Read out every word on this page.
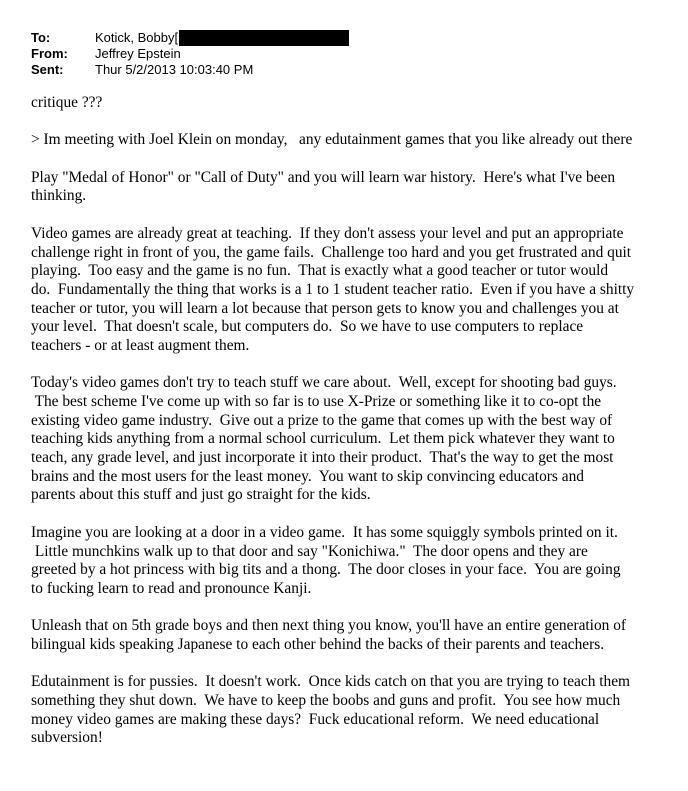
To:	Kotick, Bobby[
From:	Jeffrey Epstein
Sent:	Thur 5/2/2013 10:03:40 PM
critique ???
> Im meeting with Joel Klein on monday,   any edutainment games that you like already out there
Play "Medal of Honor" or "Call of Duty" and you will learn war history.  Here's what I've been
thinking.
Video games are already great at teaching.  If they don't assess your level and put an appropriate
challenge right in front of you, the game fails.  Challenge too hard and you get frustrated and quit
playing.  Too easy and the game is no fun.  That is exactly what a good teacher or tutor would
do.  Fundamentally the thing that works is a 1 to 1 student teacher ratio.  Even if you have a shitty
teacher or tutor, you will learn a lot because that person gets to know you and challenges you at
your level.  That doesn't scale, but computers do.  So we have to use computers to replace
teachers - or at least augment them.
Today's video games don't try to teach stuff we care about.  Well, except for shooting bad guys.
The best scheme I've come up with so far is to use X-Prize or something like it to co-opt the
existing video game industry.  Give out a prize to the game that comes up with the best way of
teaching kids anything from a normal school curriculum.  Let them pick whatever they want to
teach, any grade level, and just incorporate it into their product.  That's the way to get the most
brains and the most users for the least money.  You want to skip convincing educators and
parents about this stuff and just go straight for the kids.
Imagine you are looking at a door in a video game.  It has some squiggly symbols printed on it.
Little munchkins walk up to that door and say "Konichiwa."  The door opens and they are
greeted by a hot princess with big tits and a thong.  The door closes in your face.  You are going
to fucking learn to read and pronounce Kanji.
Unleash that on 5th grade boys and then next thing you know, you'll have an entire generation of
bilingual kids speaking Japanese to each other behind the backs of their parents and teachers.
Edutainment is for pussies.  It doesn't work.  Once kids catch on that you are trying to teach them
something they shut down.  We have to keep the boobs and guns and profit.  You see how much
money video games are making these days?  Fuck educational reform.  We need educational
subversion!
